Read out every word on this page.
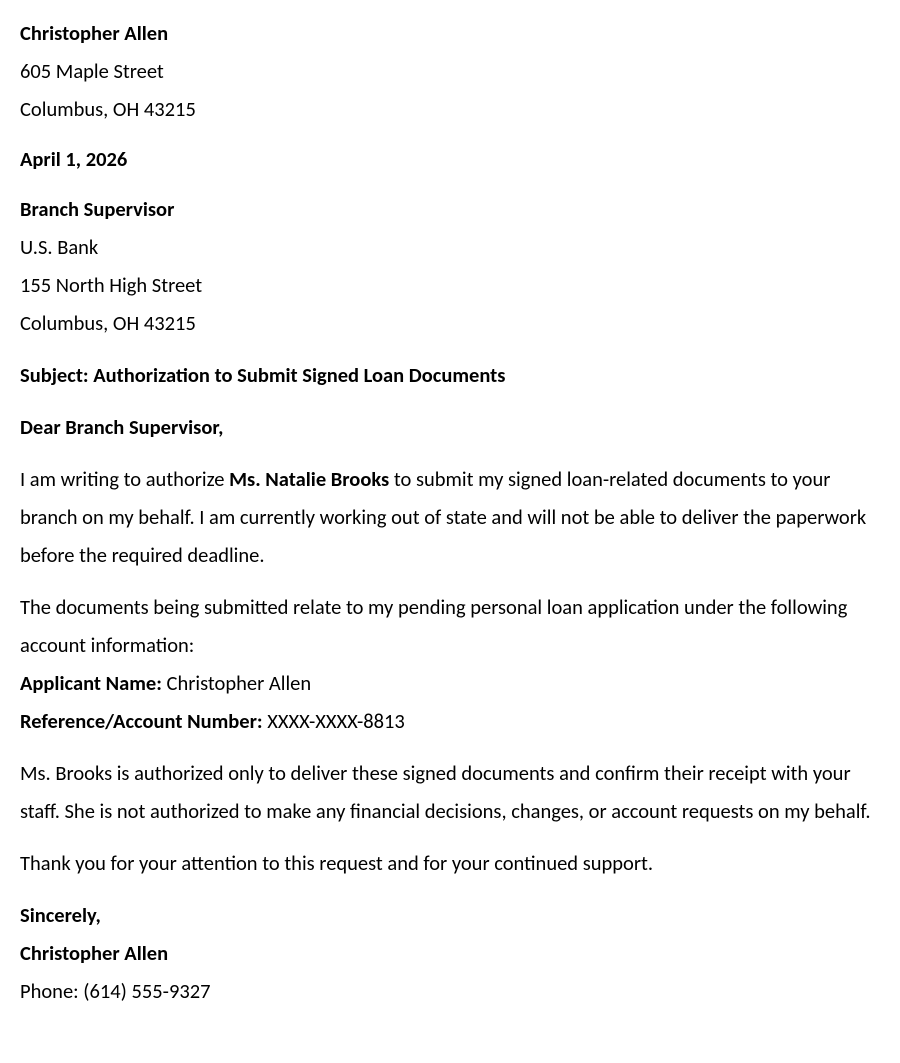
Christopher Allen
605 Maple Street
Columbus, OH 43215
April 1, 2026
Branch Supervisor
U.S. Bank
155 North High Street
Columbus, OH 43215
Subject: Authorization to Submit Signed Loan Documents
Dear Branch Supervisor,

I am writing to authorize Ms. Natalie Brooks to submit my signed loan-related documents to your branch on my behalf. I am currently working out of state and will not be able to deliver the paperwork before the required deadline.

The documents being submitted relate to my pending personal loan application under the following account information:

Applicant Name: Christopher Allen
Reference/Account Number: XXXX-XXXX-8813

Ms. Brooks is authorized only to deliver these signed documents and confirm their receipt with your staff. She is not authorized to make any financial decisions, changes, or account requests on my behalf.

Thank you for your attention to this request and for your continued support.

Sincerely,
Christopher Allen
Phone: (614) 555-9327
